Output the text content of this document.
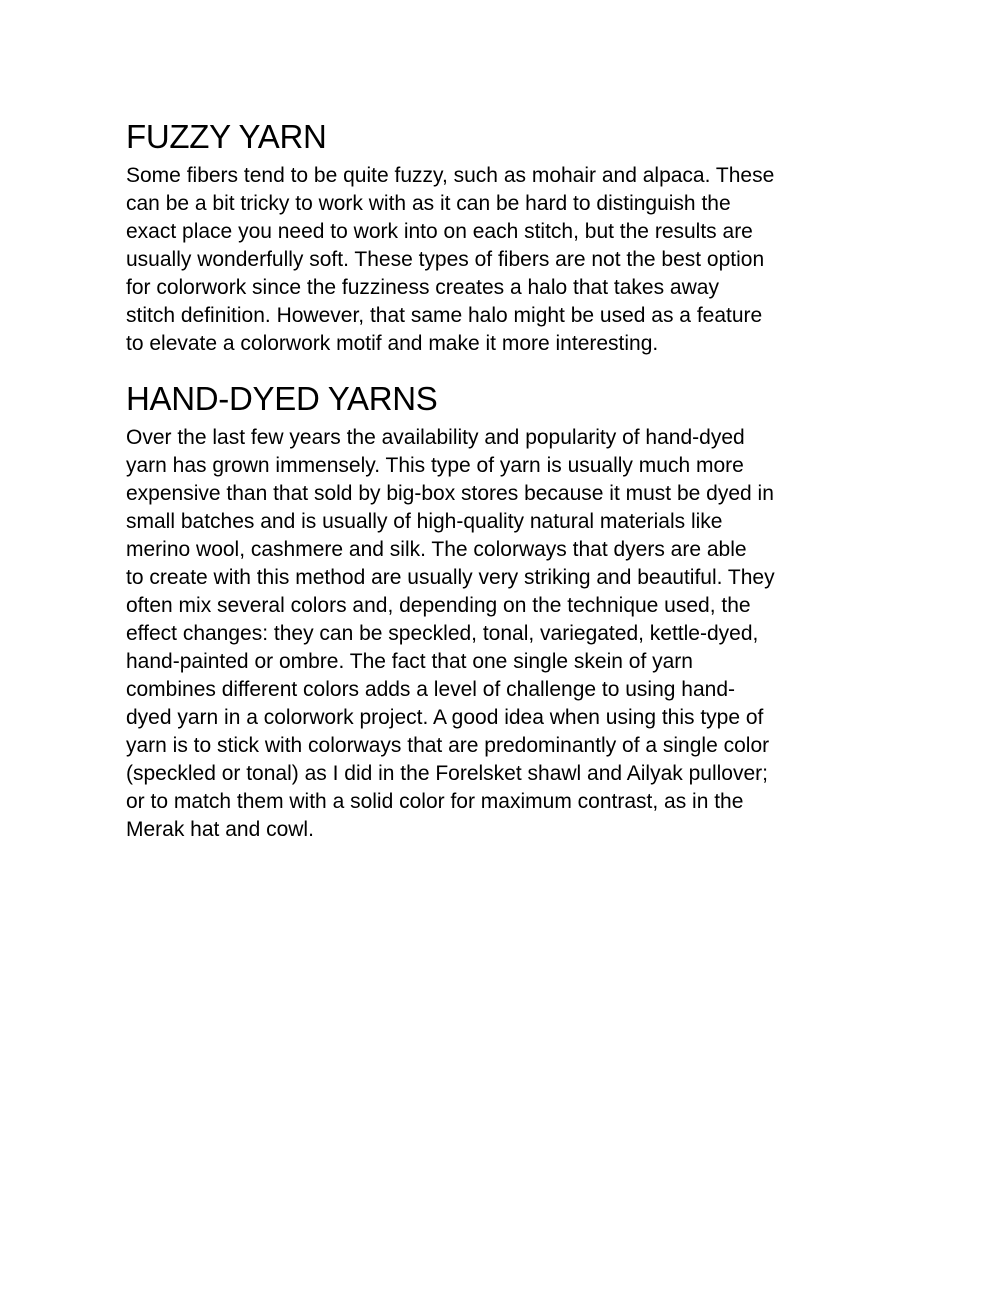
FUZZY YARN

Some fibers tend to be quite fuzzy, such as mohair and alpaca. These
can be a bit tricky to work with as it can be hard to distinguish the
exact place you need to work into on each stitch, but the results are
usually wonderfully soft. These types of fibers are not the best option
for colorwork since the fuzziness creates a halo that takes away
stitch definition. However, that same halo might be used as a feature
to elevate a colorwork motif and make it more interesting.

HAND-DYED YARNS

Over the last few years the availability and popularity of hand-dyed
yarn has grown immensely. This type of yarn is usually much more
expensive than that sold by big-box stores because it must be dyed in
small batches and is usually of high-quality natural materials like
merino wool, cashmere and silk. The colorways that dyers are able
to create with this method are usually very striking and beautiful. They
often mix several colors and, depending on the technique used, the
effect changes: they can be speckled, tonal, variegated, kettle-dyed,
hand-painted or ombre. The fact that one single skein of yarn
combines different colors adds a level of challenge to using hand-
dyed yarn in a colorwork project. A good idea when using this type of
yarn is to stick with colorways that are predominantly of a single color
(speckled or tonal) as I did in the Forelsket shawl and Ailyak pullover;
or to match them with a solid color for maximum contrast, as in the
Merak hat and cowl.
